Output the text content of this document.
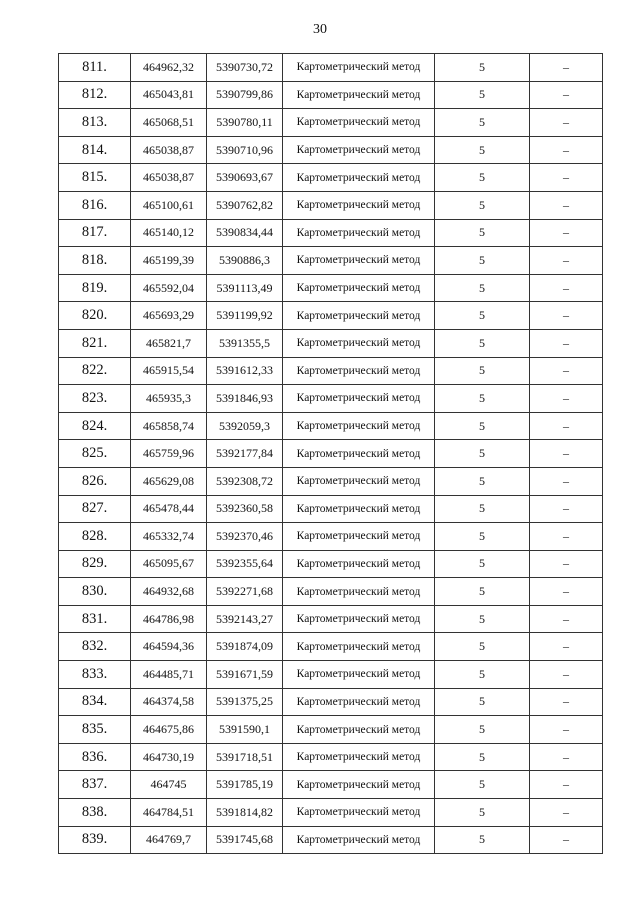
30
811.	464962,32	5390730,72	Картометрический метод	5	–
812.	465043,81	5390799,86	Картометрический метод	5	–
813.	465068,51	5390780,11	Картометрический метод	5	–
814.	465038,87	5390710,96	Картометрический метод	5	–
815.	465038,87	5390693,67	Картометрический метод	5	–
816.	465100,61	5390762,82	Картометрический метод	5	–
817.	465140,12	5390834,44	Картометрический метод	5	–
818.	465199,39	5390886,3	Картометрический метод	5	–
819.	465592,04	5391113,49	Картометрический метод	5	–
820.	465693,29	5391199,92	Картометрический метод	5	–
821.	465821,7	5391355,5	Картометрический метод	5	–
822.	465915,54	5391612,33	Картометрический метод	5	–
823.	465935,3	5391846,93	Картометрический метод	5	–
824.	465858,74	5392059,3	Картометрический метод	5	–
825.	465759,96	5392177,84	Картометрический метод	5	–
826.	465629,08	5392308,72	Картометрический метод	5	–
827.	465478,44	5392360,58	Картометрический метод	5	–
828.	465332,74	5392370,46	Картометрический метод	5	–
829.	465095,67	5392355,64	Картометрический метод	5	–
830.	464932,68	5392271,68	Картометрический метод	5	–
831.	464786,98	5392143,27	Картометрический метод	5	–
832.	464594,36	5391874,09	Картометрический метод	5	–
833.	464485,71	5391671,59	Картометрический метод	5	–
834.	464374,58	5391375,25	Картометрический метод	5	–
835.	464675,86	5391590,1	Картометрический метод	5	–
836.	464730,19	5391718,51	Картометрический метод	5	–
837.	464745	5391785,19	Картометрический метод	5	–
838.	464784,51	5391814,82	Картометрический метод	5	–
839.	464769,7	5391745,68	Картометрический метод	5	–
